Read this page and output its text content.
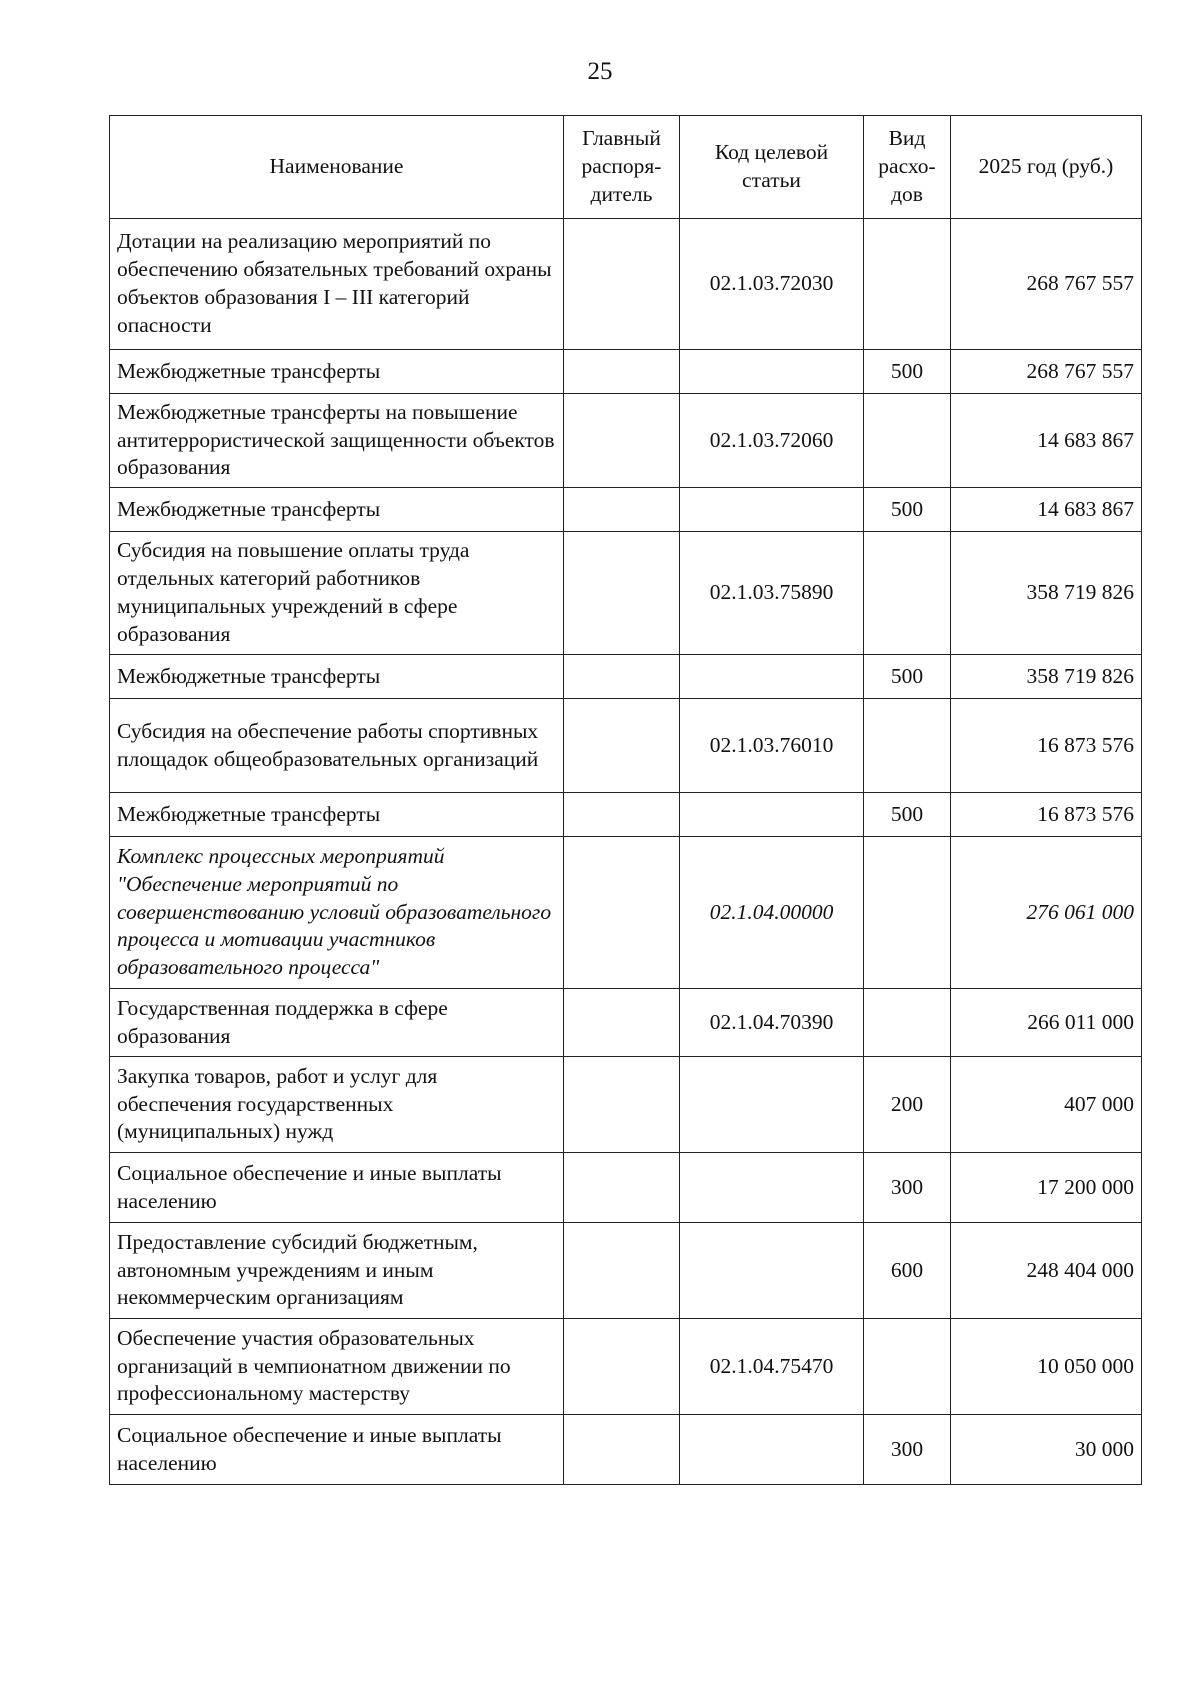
25
Наименование	Главный распоря-дитель	Код целевой статьи	Вид расхо-дов	2025 год (руб.)
Дотации на реализацию мероприятий по обеспечению обязательных требований охраны объектов образования I – III категорий опасности		02.1.03.72030		268 767 557
Межбюджетные трансферты			500	268 767 557
Межбюджетные трансферты на повышение антитеррористической защищенности объектов образования		02.1.03.72060		14 683 867
Межбюджетные трансферты			500	14 683 867
Субсидия на повышение оплаты труда отдельных категорий работников муниципальных учреждений в сфере образования		02.1.03.75890		358 719 826
Межбюджетные трансферты			500	358 719 826
Субсидия на обеспечение работы спортивных площадок общеобразовательных организаций		02.1.03.76010		16 873 576
Межбюджетные трансферты			500	16 873 576
Комплекс процессных мероприятий "Обеспечение мероприятий по совершенствованию условий образовательного процесса и мотивации участников образовательного процесса"		02.1.04.00000		276 061 000
Государственная поддержка в сфере образования		02.1.04.70390		266 011 000
Закупка товаров, работ и услуг для обеспечения государственных (муниципальных) нужд			200	407 000
Социальное обеспечение и иные выплаты населению			300	17 200 000
Предоставление субсидий бюджетным, автономным учреждениям и иным некоммерческим организациям			600	248 404 000
Обеспечение участия образовательных организаций в чемпионатном движении по профессиональному мастерству		02.1.04.75470		10 050 000
Социальное обеспечение и иные выплаты населению			300	30 000
